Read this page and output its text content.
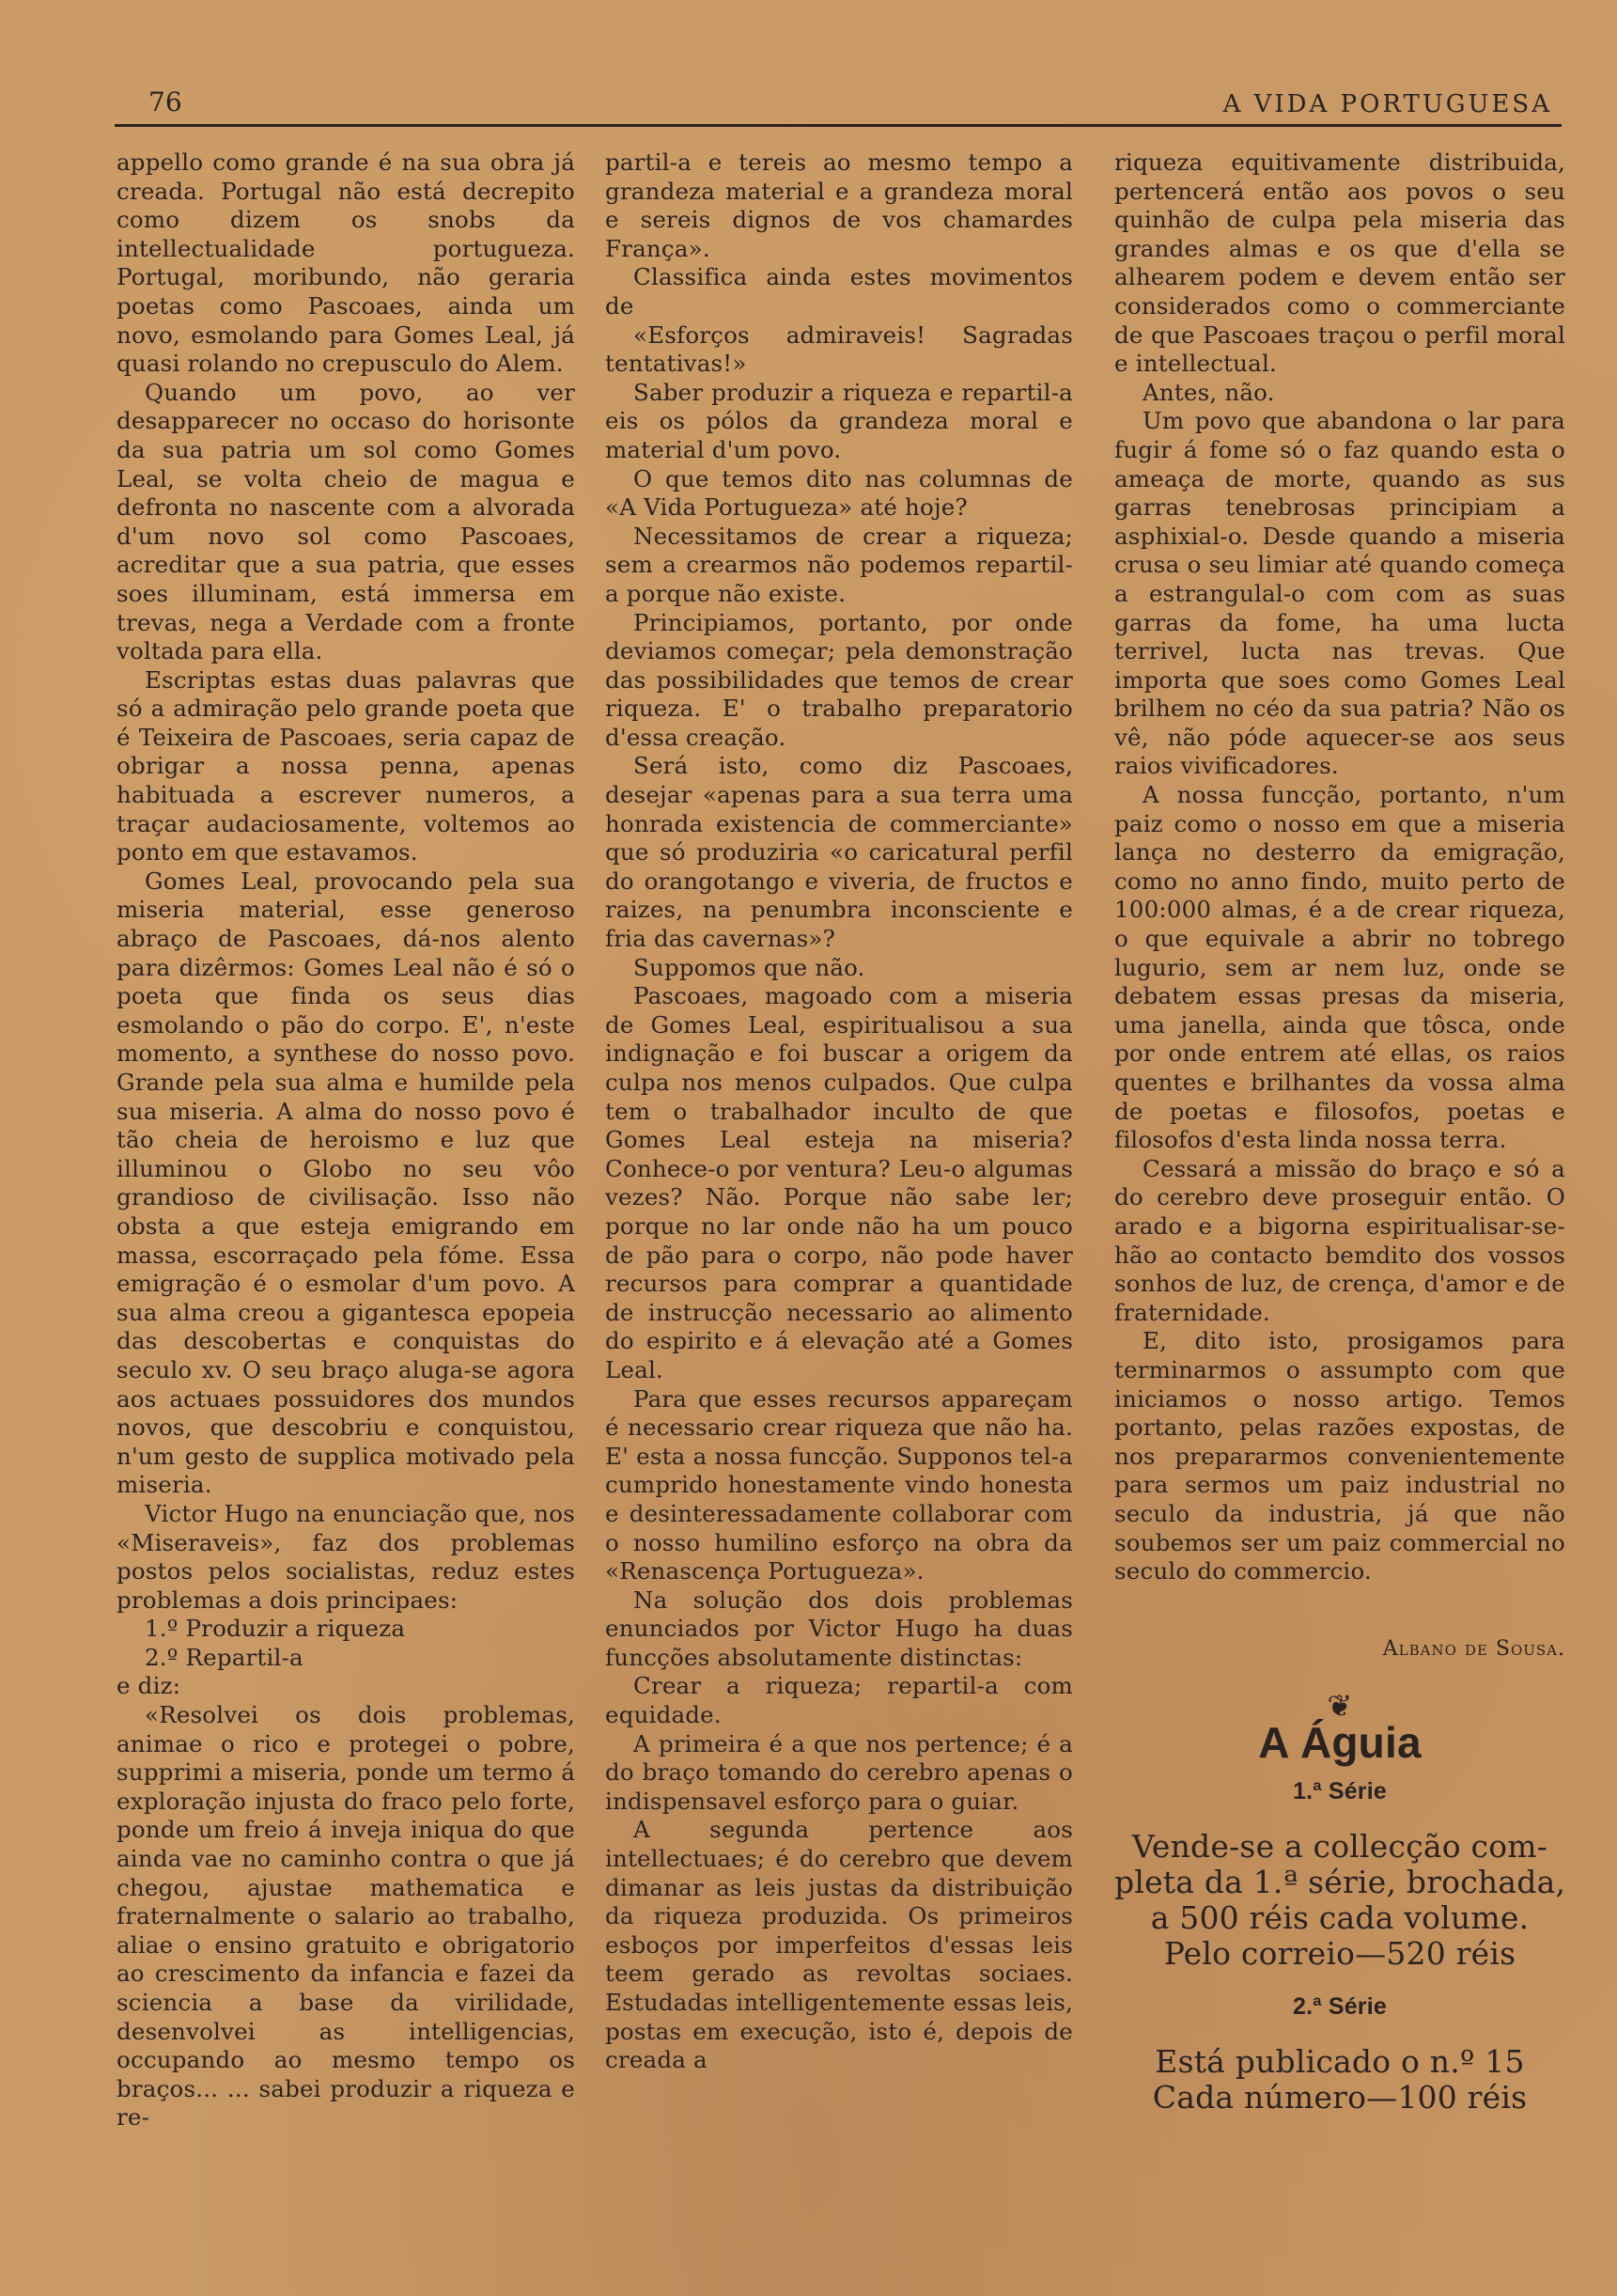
76	A VIDA PORTUGUESA

appello como grande é na sua obra já creada. Portugal não está decrepito como dizem os snobs da intellectualidade portugueza. Portugal, moribundo, não geraria poetas como Pascoaes, ainda um novo, esmolando para Gomes Leal, já quasi rolando no crepusculo do Alem.

Quando um povo, ao ver desapparecer no occaso do horisonte da sua patria um sol como Gomes Leal, se volta cheio de magua e defronta no nascente com a alvorada d'um novo sol como Pascoaes, acreditar que a sua patria, que esses soes illuminam, está immersa em trevas, nega a Verdade com a fronte voltada para ella.

Escriptas estas duas palavras que só a admiração pelo grande poeta que é Teixeira de Pascoaes, seria capaz de obrigar a nossa penna, apenas habituada a escrever numeros, a traçar audaciosamente, voltemos ao ponto em que estavamos.

Gomes Leal, provocando pela sua miseria material, esse generoso abraço de Pascoaes, dá-nos alento para dizêrmos: Gomes Leal não é só o poeta que finda os seus dias esmolando o pão do corpo. E', n'este momento, a synthese do nosso povo. Grande pela sua alma e humilde pela sua miseria. A alma do nosso povo é tão cheia de heroismo e luz que illuminou o Globo no seu vôo grandioso de civilisação. Isso não obsta a que esteja emigrando em massa, escorraçado pela fóme. Essa emigração é o esmolar d'um povo. A sua alma creou a gigantesca epopeia das descobertas e conquistas do seculo xv. O seu braço aluga-se agora aos actuaes possuidores dos mundos novos, que descobriu e conquistou, n'um gesto de supplica motivado pela miseria.

Victor Hugo na enunciação que, nos «Miseraveis», faz dos problemas postos pelos socialistas, reduz estes problemas a dois principaes:

1.º Produzir a riqueza

2.º Repartil-a

e diz:

«Resolvei os dois problemas, animae o rico e protegei o pobre, supprimi a miseria, ponde um termo á exploração injusta do fraco pelo forte, ponde um freio á inveja iniqua do que ainda vae no caminho contra o que já chegou, ajustae mathematica e fraternalmente o salario ao trabalho, aliae o ensino gratuito e obrigatorio ao crescimento da infancia e fazei da sciencia a base da virilidade, desenvolvei as intelligencias, occupando ao mesmo tempo os braços... ... sabei produzir a riqueza e re-

partil-a e tereis ao mesmo tempo a grandeza material e a grandeza moral e sereis dignos de vos chamardes França».

Classifica ainda estes movimentos de

«Esforços admiraveis! Sagradas tentativas!»

Saber produzir a riqueza e repartil-a eis os pólos da grandeza moral e material d'um povo.

O que temos dito nas columnas de «A Vida Portugueza» até hoje?

Necessitamos de crear a riqueza; sem a crearmos não podemos repartil-a porque não existe.

Principiamos, portanto, por onde deviamos começar; pela demonstração das possibilidades que temos de crear riqueza. E' o trabalho preparatorio d'essa creação.

Será isto, como diz Pascoaes, desejar «apenas para a sua terra uma honrada existencia de commerciante» que só produziria «o caricatural perfil do orangotango e viveria, de fructos e raizes, na penumbra inconsciente e fria das cavernas»?

Suppomos que não.

Pascoaes, magoado com a miseria de Gomes Leal, espiritualisou a sua indignação e foi buscar a origem da culpa nos menos culpados. Que culpa tem o trabalhador inculto de que Gomes Leal esteja na miseria? Conhece-o por ventura? Leu-o algumas vezes? Não. Porque não sabe ler; porque no lar onde não ha um pouco de pão para o corpo, não pode haver recursos para comprar a quantidade de instrucção necessario ao alimento do espirito e á elevação até a Gomes Leal.

Para que esses recursos appareçam é necessario crear riqueza que não ha. E' esta a nossa funcção. Supponos tel-a cumprido honestamente vindo honesta e desinteressadamente collaborar com o nosso humilino esforço na obra da «Renascença Portugueza».

Na solução dos dois problemas enunciados por Victor Hugo ha duas funcções absolutamente distinctas:

Crear a riqueza; repartil-a com equidade.

A primeira é a que nos pertence; é a do braço tomando do cerebro apenas o indispensavel esforço para o guiar.

A segunda pertence aos intellectuaes; é do cerebro que devem dimanar as leis justas da distribuição da riqueza produzida. Os primeiros esboços por imperfeitos d'essas leis teem gerado as revoltas sociaes. Estudadas intelligentemente essas leis, postas em execução, isto é, depois de creada a

riqueza equitivamente distribuida, pertencerá então aos povos o seu quinhão de culpa pela miseria das grandes almas e os que d'ella se alhearem podem e devem então ser considerados como o commerciante de que Pascoaes traçou o perfil moral e intellectual.

Antes, não.

Um povo que abandona o lar para fugir á fome só o faz quando esta o ameaça de morte, quando as sus garras tenebrosas principiam a asphixial-o. Desde quando a miseria crusa o seu limiar até quando começa a estrangulal-o com com as suas garras da fome, ha uma lucta terrivel, lucta nas trevas. Que importa que soes como Gomes Leal brilhem no céo da sua patria? Não os vê, não póde aquecer-se aos seus raios vivificadores.

A nossa funcção, portanto, n'um paiz como o nosso em que a miseria lança no desterro da emigração, como no anno findo, muito perto de 100:000 almas, é a de crear riqueza, o que equivale a abrir no tobrego lugurio, sem ar nem luz, onde se debatem essas presas da miseria, uma janella, ainda que tôsca, onde por onde entrem até ellas, os raios quentes e brilhantes da vossa alma de poetas e filosofos, poetas e filosofos d'esta linda nossa terra.

Cessará a missão do braço e só a do cerebro deve proseguir então. O arado e a bigorna espiritualisar-se-hão ao contacto bemdito dos vossos sonhos de luz, de crença, d'amor e de fraternidade.

E, dito isto, prosigamos para terminarmos o assumpto com que iniciamos o nosso artigo. Temos portanto, pelas razões expostas, de nos prepararmos convenientemente para sermos um paiz industrial no seculo da industria, já que não soubemos ser um paiz commercial no seculo do commercio.

Albano de Sousa.
❦
A Águia
1.ª Série
Vende-se a collecção com-
pleta da 1.ª série, brochada,
a 500 réis cada volume.
Pelo correio—520 réis
2.ª Série
Está publicado o n.º 15
Cada número—100 réis
